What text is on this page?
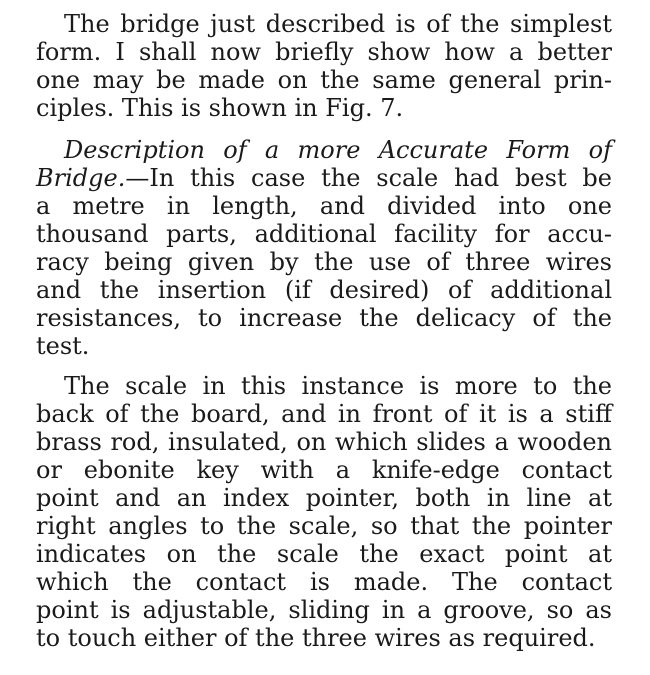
The bridge just described is of the simplest
form. I shall now briefly show how a better
one may be made on the same general prin-
ciples. This is shown in Fig. 7.
Description of a more Accurate Form of
Bridge.—In this case the scale had best be
a metre in length, and divided into one
thousand parts, additional facility for accu-
racy being given by the use of three wires
and the insertion (if desired) of additional
resistances, to increase the delicacy of the
test.
The scale in this instance is more to the
back of the board, and in front of it is a stiff
brass rod, insulated, on which slides a wooden
or ebonite key with a knife-edge contact
point and an index pointer, both in line at
right angles to the scale, so that the pointer
indicates on the scale the exact point at
which the contact is made. The contact
point is adjustable, sliding in a groove, so as
to touch either of the three wires as required.
